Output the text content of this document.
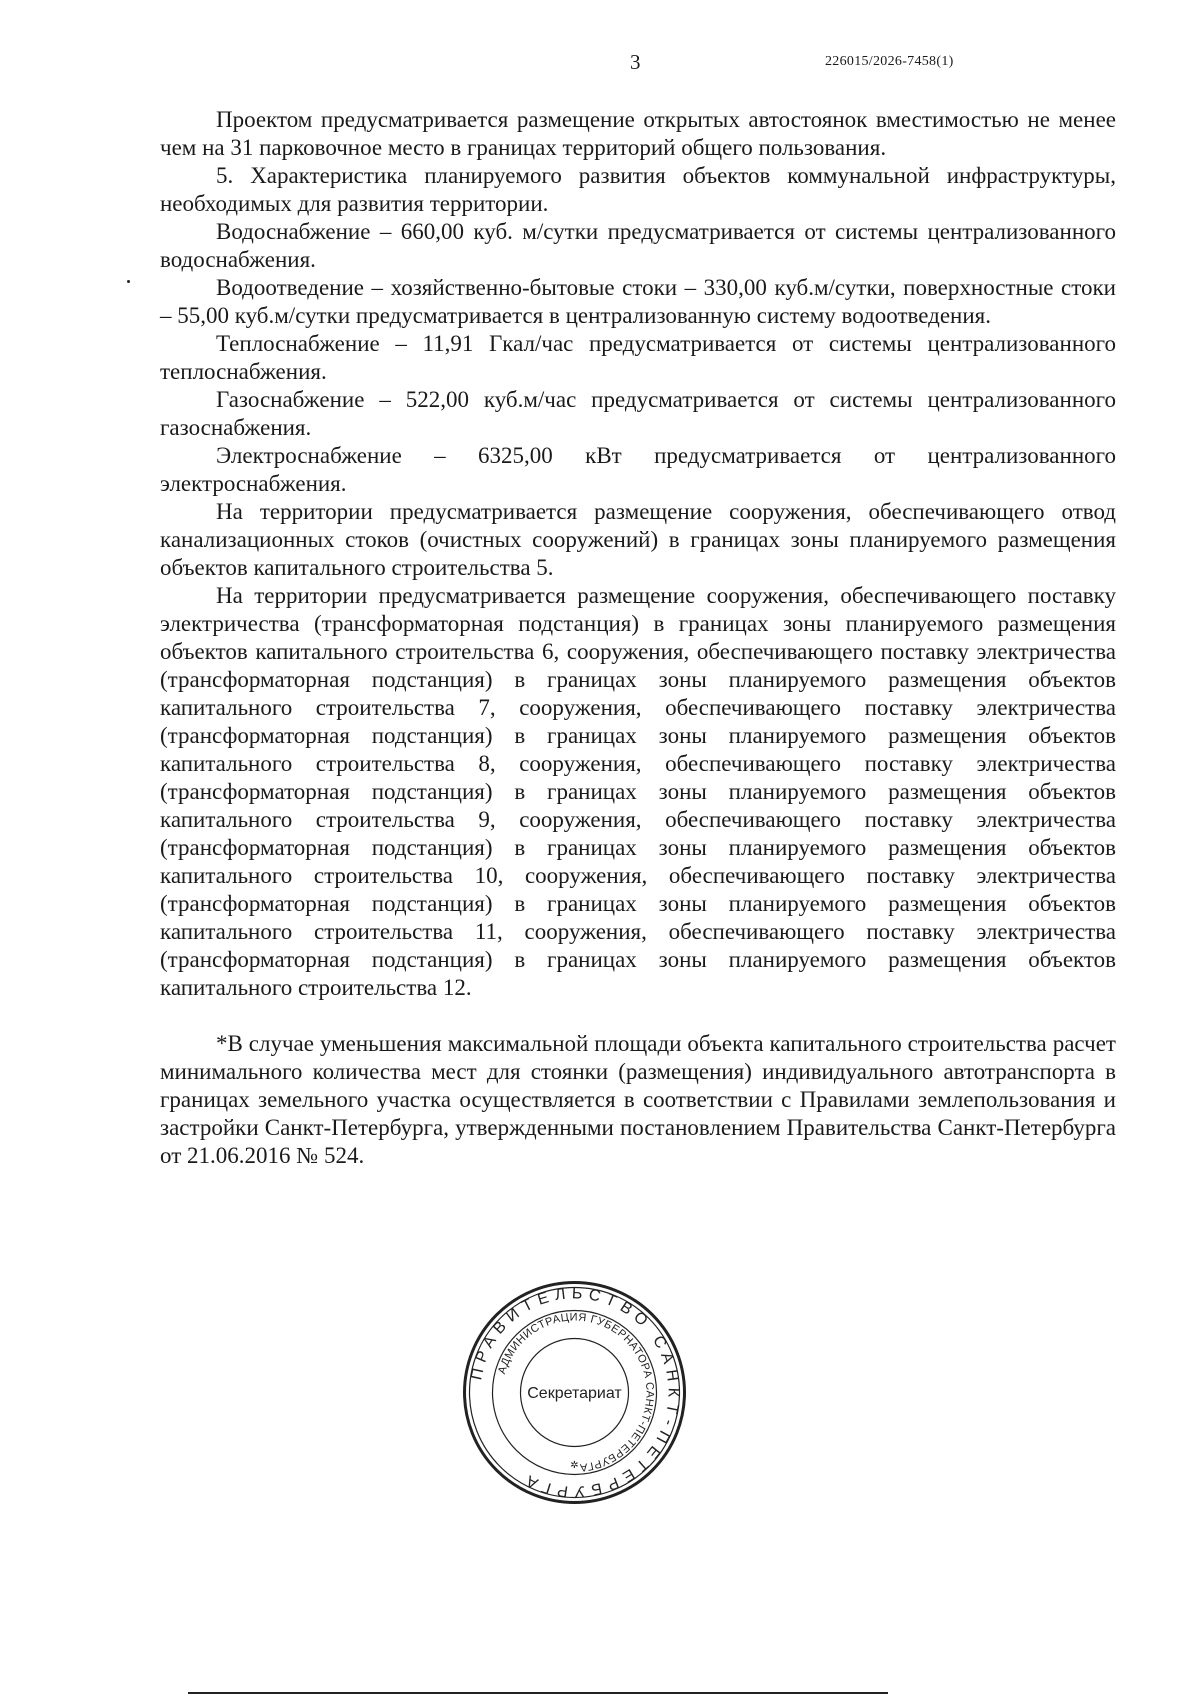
3	226015/2026-7458(1)

Проектом предусматривается размещение открытых автостоянок вместимостью не менее чем на 31 парковочное место в границах территорий общего пользования.

5. Характеристика планируемого развития объектов коммунальной инфраструктуры, необходимых для развития территории.

Водоснабжение – 660,00 куб. м/сутки предусматривается от системы централизованного водоснабжения.

Водоотведение – хозяйственно-бытовые стоки – 330,00 куб.м/сутки, поверхностные стоки – 55,00 куб.м/сутки предусматривается в централизованную систему водоотведения.

Теплоснабжение – 11,91 Гкал/час предусматривается от системы централизованного теплоснабжения.

Газоснабжение – 522,00 куб.м/час предусматривается от системы централизованного газоснабжения.

Электроснабжение – 6325,00 кВт предусматривается от централизованного электроснабжения.

На территории предусматривается размещение сооружения, обеспечивающего отвод канализационных стоков (очистных сооружений) в границах зоны планируемого размещения объектов капитального строительства 5.

На территории предусматривается размещение сооружения, обеспечивающего поставку электричества (трансформаторная подстанция) в границах зоны планируемого размещения объектов капитального строительства 6, сооружения, обеспечивающего поставку электричества (трансформаторная подстанция) в границах зоны планируемого размещения объектов капитального строительства 7, сооружения, обеспечивающего поставку электричества (трансформаторная подстанция) в границах зоны планируемого размещения объектов капитального строительства 8, сооружения, обеспечивающего поставку электричества (трансформаторная подстанция) в границах зоны планируемого размещения объектов капитального строительства 9, сооружения, обеспечивающего поставку электричества (трансформаторная подстанция) в границах зоны планируемого размещения объектов капитального строительства 10, сооружения, обеспечивающего поставку электричества (трансформаторная подстанция) в границах зоны планируемого размещения объектов капитального строительства 11, сооружения, обеспечивающего поставку электричества (трансформаторная подстанция) в границах зоны планируемого размещения объектов капитального строительства 12.

*В случае уменьшения максимальной площади объекта капитального строительства расчет минимального количества мест для стоянки (размещения) индивидуального автотранспорта в границах земельного участка осуществляется в соответствии с Правилами землепользования и застройки Санкт-Петербурга, утвержденными постановлением Правительства Санкт-Петербурга от 21.06.2016 № 524.

ПРАВИТЕЛЬСТВО САНКТ-ПЕТЕРБУРГА
АДМИНИСТРАЦИЯ ГУБЕРНАТОРА САНКТ-ПЕТЕРБУРГА
Секретариат
✲
